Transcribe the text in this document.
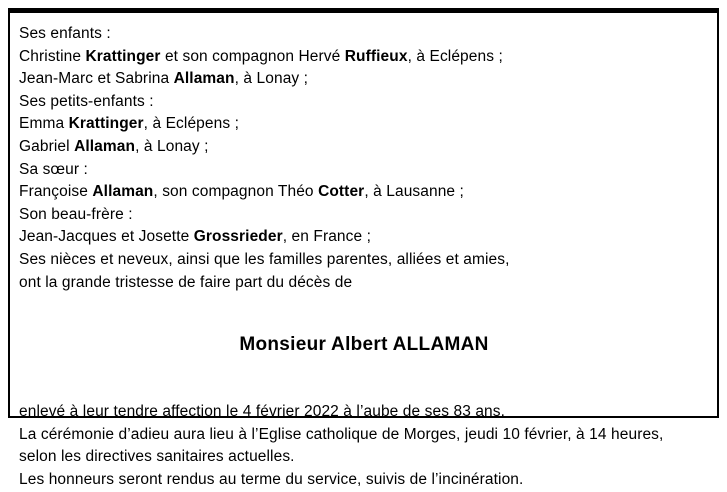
Ses enfants :
Christine Krattinger et son compagnon Hervé Ruffieux, à Eclépens ;
Jean-Marc et Sabrina Allaman, à Lonay ;
Ses petits-enfants :
Emma Krattinger, à Eclépens ;
Gabriel Allaman, à Lonay ;
Sa sœur :
Françoise Allaman, son compagnon Théo Cotter, à Lausanne ;
Son beau-frère :
Jean-Jacques et Josette Grossrieder, en France ;
Ses nièces et neveux, ainsi que les familles parentes, alliées et amies,
ont la grande tristesse de faire part du décès de
Monsieur Albert ALLAMAN
enlevé à leur tendre affection le 4 février 2022 à l’aube de ses 83 ans.
La cérémonie d’adieu aura lieu à l’Eglise catholique de Morges, jeudi 10 février, à 14 heures,
selon les directives sanitaires actuelles.
Les honneurs seront rendus au terme du service, suivis de l’incinération.
